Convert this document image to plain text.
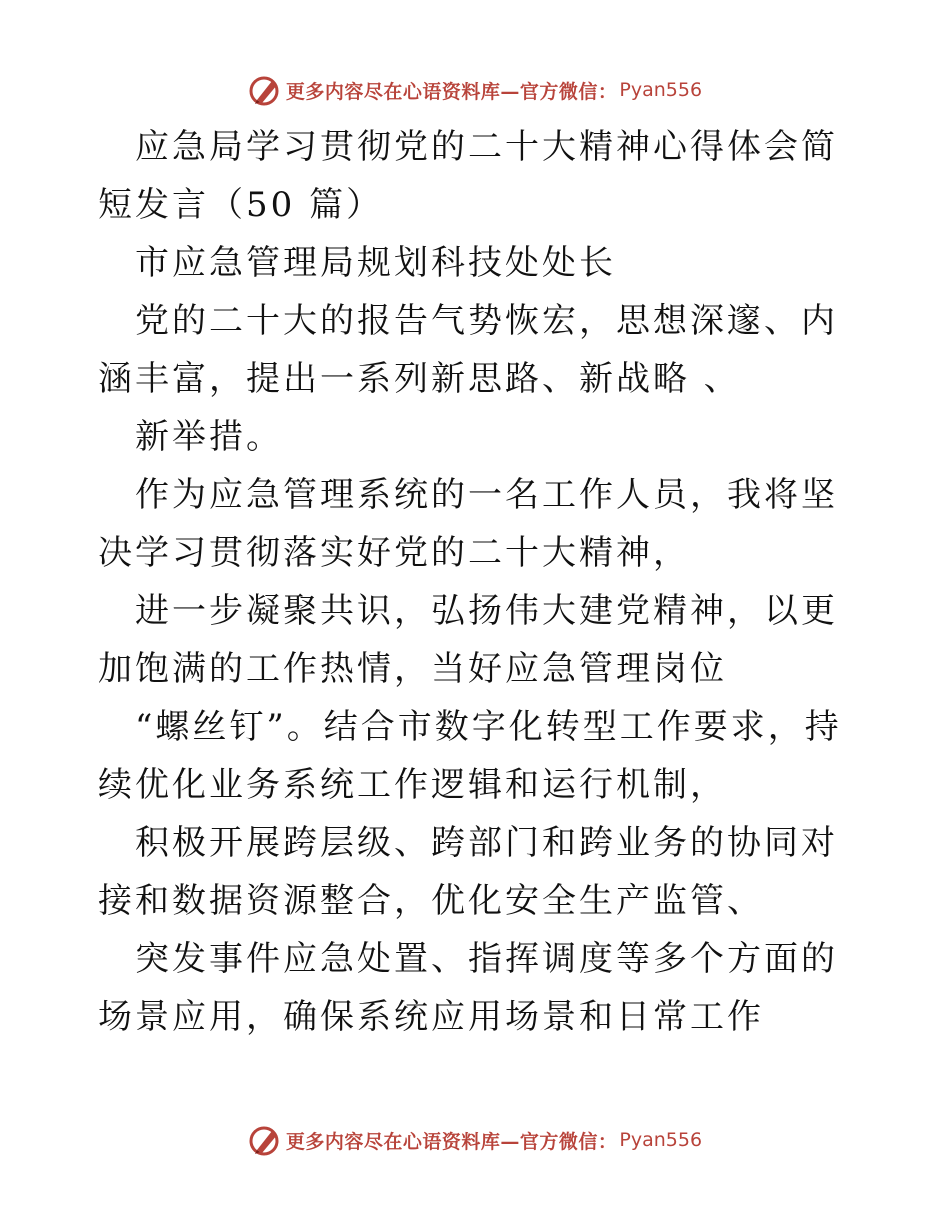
更多内容尽在心语资料库—官方微信： Pyan556

应急局学习贯彻党的二十大精神心得体会简短发言（50 篇）

市应急管理局规划科技处处长

党的二十大的报告气势恢宏，思想深邃、内涵丰富，提出一系列新思路、新战略 、

新举措。

作为应急管理系统的一名工作人员，我将坚决学习贯彻落实好党的二十大精神，

进一步凝聚共识，弘扬伟大建党精神，以更加饱满的工作热情，当好应急管理岗位

“螺丝钉”。结合市数字化转型工作要求，持续优化业务系统工作逻辑和运行机制，

积极开展跨层级、跨部门和跨业务的协同对接和数据资源整合，优化安全生产监管、

突发事件应急处置、指挥调度等多个方面的场景应用，确保系统应用场景和日常工作

更多内容尽在心语资料库—官方微信： Pyan556
